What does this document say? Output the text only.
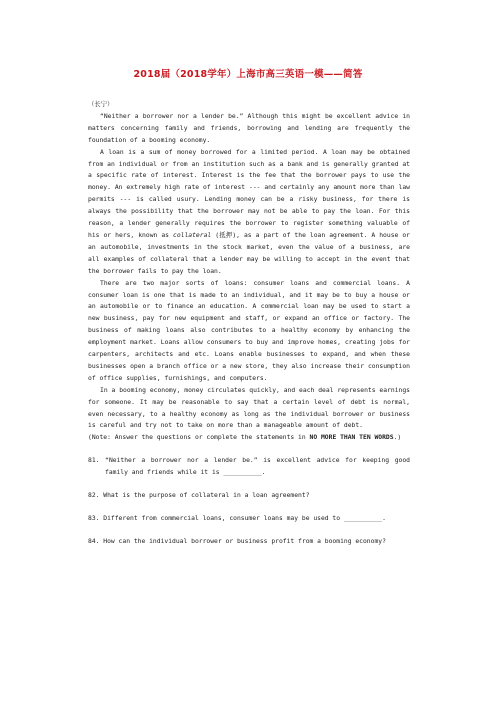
2018届（2018学年）上海市高三英语一模——简答

（长宁）

“Neither a borrower nor a lender be.” Although this might be excellent advice in matters concerning family and friends, borrowing and lending are frequently the foundation of a booming economy.

A loan is a sum of money borrowed for a limited period. A loan may be obtained from an individual or from an institution such as a bank and is generally granted at a specific rate of interest. Interest is the fee that the borrower pays to use the money. An extremely high rate of interest --- and certainly any amount more than law permits --- is called usury. Lending money can be a risky business, for there is always the possibility that the borrower may not be able to pay the loan. For this reason, a lender generally requires the borrower to register something valuable of his or hers, known as collateral (抵押), as a part of the loan agreement. A house or an automobile, investments in the stock market, even the value of a business, are all examples of collateral that a lender may be willing to accept in the event that the borrower fails to pay the loan.

There are two major sorts of loans: consumer loans and commercial loans. A consumer loan is one that is made to an individual, and it may be to buy a house or an automobile or to finance an education. A commercial loan may be used to start a new business, pay for new equipment and staff, or expand an office or factory. The business of making loans also contributes to a healthy economy by enhancing the employment market. Loans allow consumers to buy and improve homes, creating jobs for carpenters, architects and etc. Loans enable businesses to expand, and when these businesses open a branch office or a new store, they also increase their consumption of office supplies, furnishings, and computers.

In a booming economy, money circulates quickly, and each deal represents earnings for someone. It may be reasonable to say that a certain level of debt is normal, even necessary, to a healthy economy as long as the individual borrower or business is careful and try not to take on more than a manageable amount of debt.

(Note: Answer the questions or complete the statements in NO MORE THAN TEN WORDS.)

81. “Neither a borrower nor a lender be.” is excellent advice for keeping good family and friends while it is __________.

82. What is the purpose of collateral in a loan agreement?

83. Different from commercial loans, consumer loans may be used to __________.

84. How can the individual borrower or business profit from a booming economy?
